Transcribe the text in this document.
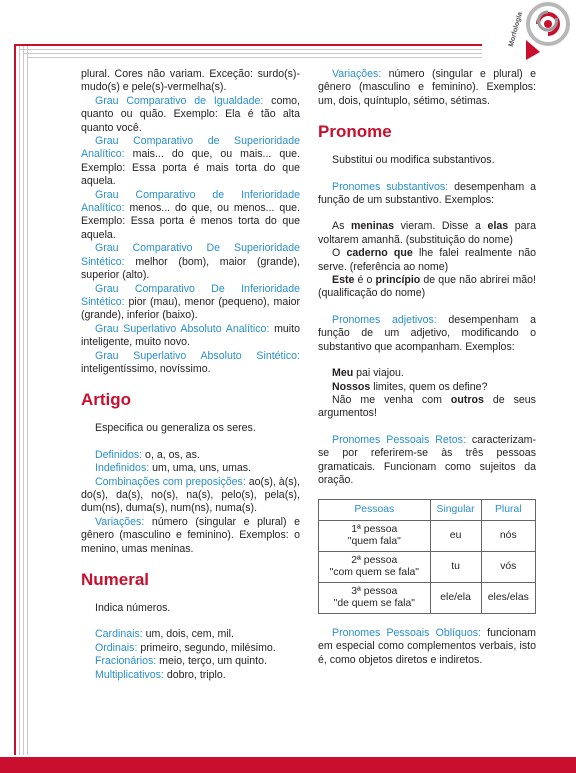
Morfologia

plural. Cores não variam. Exceção: surdo(s)-mudo(s) e pele(s)-vermelha(s).

Grau Comparativo de Igualdade: como, quanto ou quão. Exemplo: Ela é tão alta quanto você.

Grau Comparativo de Superioridade Analítico: mais... do que, ou mais... que. Exemplo: Essa porta é mais torta do que aquela.

Grau Comparativo de Inferioridade Analítico: menos... do que, ou menos... que. Exemplo: Essa porta é menos torta do que aquela.

Grau Comparativo De Superioridade Sintético: melhor (bom), maior (grande), superior (alto).

Grau Comparativo De Inferioridade Sintético: pior (mau), menor (pequeno), maior (grande), inferior (baixo).

Grau Superlativo Absoluto Analítico: muito inteligente, muito novo.

Grau Superlativo Absoluto Sintético: inteligentíssimo, novíssimo.

Artigo

Especifica ou generaliza os seres.

Definidos: o, a, os, as.

Indefinidos: um, uma, uns, umas.

Combinações com preposições: ao(s), à(s), do(s), da(s), no(s), na(s), pelo(s), pela(s), dum(ns), duma(s), num(ns), numa(s).

Variações: número (singular e plural) e gênero (masculino e feminino). Exemplos: o menino, umas meninas.

Numeral

Indica números.

Cardinais: um, dois, cem, mil.

Ordinais: primeiro, segundo, milésimo.

Fracionários: meio, terço, um quinto.

Multiplicativos: dobro, triplo.

Variações: número (singular e plural) e gênero (masculino e feminino). Exemplos: um, dois, quíntuplo, sétimo, sétimas.

Pronome

Substitui ou modifica substantivos.

Pronomes substantivos: desempenham a função de um substantivo. Exemplos:

As meninas vieram. Disse a elas para voltarem amanhã. (substituição do nome)

O caderno que lhe falei realmente não serve. (referência ao nome)

Este é o princípio de que não abrirei mão! (qualificação do nome)

Pronomes adjetivos: desempenham a função de um adjetivo, modificando o substantivo que acompanham. Exemplos:

Meu pai viajou.

Nossos limites, quem os define?

Não me venha com outros de seus argumentos!

Pronomes Pessoais Retos: caracterizam-se por referirem-se às três pessoas gramaticais. Funcionam como sujeitos da oração.

Pessoas	Singular	Plural
1ª pessoa
"quem fala"	eu	nós
2ª pessoa
"com quem se fala"	tu	vós
3ª pessoa
"de quem se fala"	ele/ela	eles/elas

Pronomes Pessoais Oblíquos: funcionam em especial como complementos verbais, isto é, como objetos diretos e indiretos.
